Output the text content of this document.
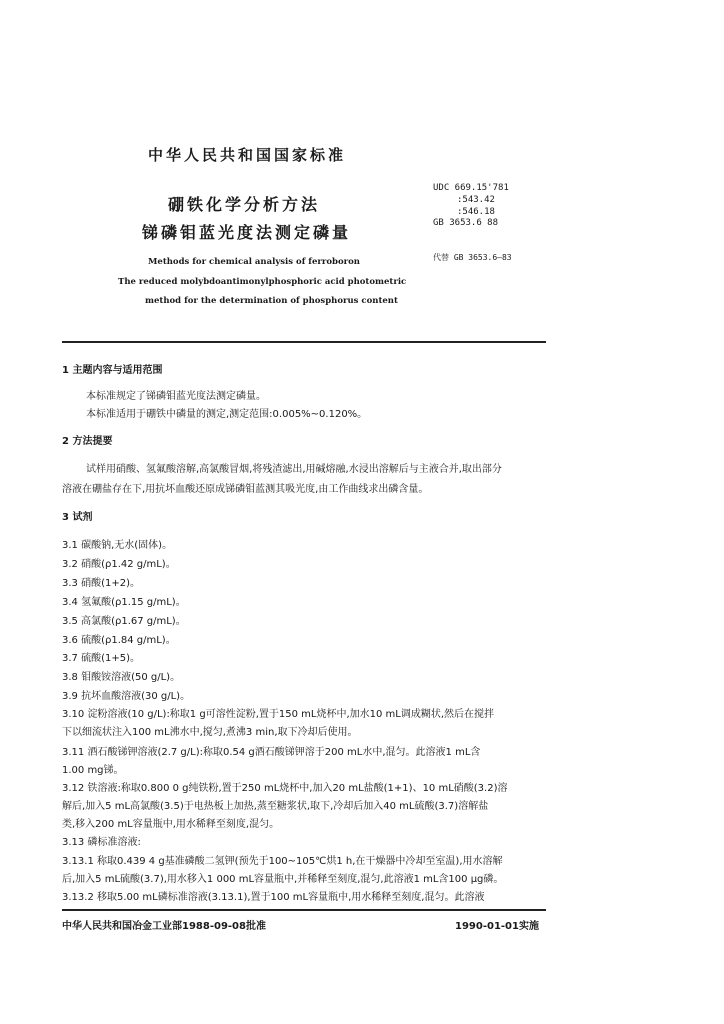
中华人民共和国国家标准
硼铁化学分析方法
锑磷钼蓝光度法测定磷量
Methods for chemical analysis of ferroboron
The reduced molybdoantimonylphosphoric acid photometric
method for the determination of phosphorus content
UDC 669.15'781
:543.42
:546.18
GB 3653.6 88
代替 GB 3653.6—83
1 主题内容与适用范围
本标准规定了锑磷钼蓝光度法测定磷量。
本标准适用于硼铁中磷量的测定,测定范围:0.005%~0.120%。
2 方法提要
试样用硝酸、氢氟酸溶解,高氯酸冒烟,将残渣滤出,用碱熔融,水浸出溶解后与主液合并,取出部分
溶液在硼盐存在下,用抗坏血酸还原成锑磷钼蓝测其吸光度,由工作曲线求出磷含量。
3 试剂
3.1 碳酸钠,无水(固体)。
3.2 硝酸(ρ1.42 g/mL)。
3.3 硝酸(1+2)。
3.4 氢氟酸(ρ1.15 g/mL)。
3.5 高氯酸(ρ1.67 g/mL)。
3.6 硫酸(ρ1.84 g/mL)。
3.7 硫酸(1+5)。
3.8 钼酸铵溶液(50 g/L)。
3.9 抗坏血酸溶液(30 g/L)。
3.10 淀粉溶液(10 g/L):称取1 g可溶性淀粉,置于150 mL烧杯中,加水10 mL调成糊状,然后在搅拌
下以细流状注入100 mL沸水中,搅匀,煮沸3 min,取下冷却后使用。
3.11 酒石酸锑钾溶液(2.7 g/L):称取0.54 g酒石酸锑钾溶于200 mL水中,混匀。此溶液1 mL含
1.00 mg锑。
3.12 铁溶液:称取0.800 0 g纯铁粉,置于250 mL烧杯中,加入20 mL盐酸(1+1)、10 mL硝酸(3.2)溶
解后,加入5 mL高氯酸(3.5)于电热板上加热,蒸至糖浆状,取下,冷却后加入40 mL硫酸(3.7)溶解盐
类,移入200 mL容量瓶中,用水稀释至刻度,混匀。
3.13 磷标准溶液:
3.13.1 称取0.439 4 g基准磷酸二氢钾(预先于100~105℃烘1 h,在干燥器中冷却至室温),用水溶解
后,加入5 mL硫酸(3.7),用水移入1 000 mL容量瓶中,并稀释至刻度,混匀,此溶液1 mL含100 μg磷。
3.13.2 移取5.00 mL磷标准溶液(3.13.1),置于100 mL容量瓶中,用水稀释至刻度,混匀。此溶液
中华人民共和国冶金工业部1988-09-08批准	1990-01-01实施
